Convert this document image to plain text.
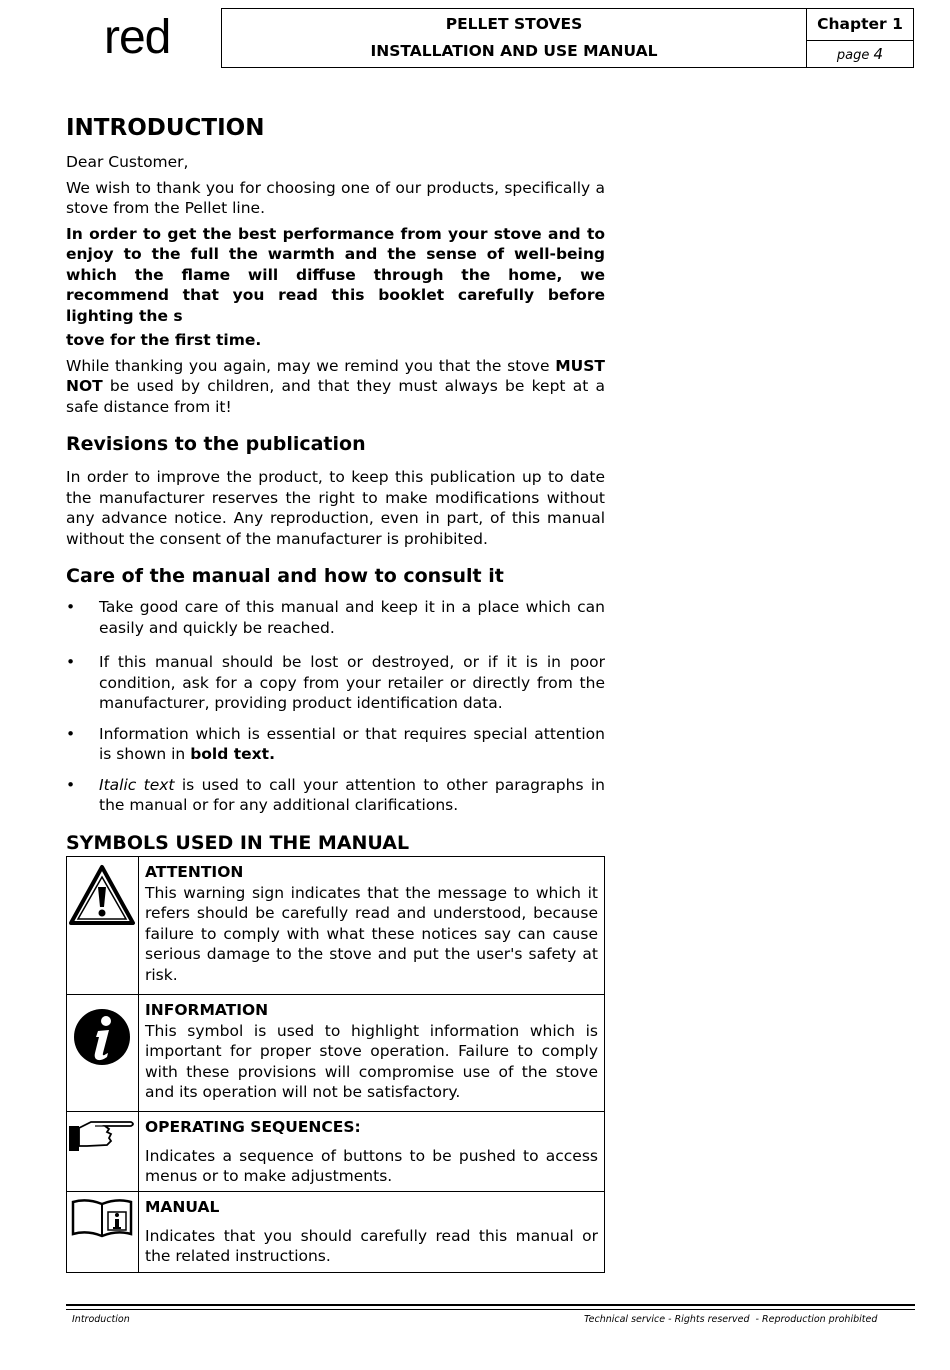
red	PELLET STOVES
INSTALLATION AND USE MANUAL
Chapter 1
page 4
INTRODUCTION

Dear Customer,

We wish to thank you for choosing one of our products, specifically a stove from the Pellet line.

In order to get the best performance from your stove and to enjoy to the full the warmth and the sense of well-being which the flame will diffuse through the home, we recommend that you read this booklet carefully before lighting the s

tove for the first time.

While thanking you again, may we remind you that the stove MUST NOT be used by children, and that they must always be kept at a safe distance from it!

Revisions to the publication

In order to improve the product, to keep this publication up to date the manufacturer reserves the right to make modifications without any advance notice. Any reproduction, even in part, of this manual without the consent of the manufacturer is prohibited.

Care of the manual and how to consult it
• Take good care of this manual and keep it in a place which can easily and quickly be reached.
• If this manual should be lost or destroyed, or if it is in poor condition, ask for a copy from your retailer or directly from the manufacturer, providing product identification data.
• Information which is essential or that requires special attention is shown in bold text.
• Italic text is used to call your attention to other paragraphs in the manual or for any additional clarifications.
SYMBOLS USED IN THE MANUAL

ATTENTION
This warning sign indicates that the message to which it refers should be carefully read and understood, because failure to comply with what these notices say can cause serious damage to the stove and put the user's safety at risk.

INFORMATION
This symbol is used to highlight information which is important for proper stove operation. Failure to comply with these provisions will compromise use of the stove and its operation will not be satisfactory.

OPERATING SEQUENCES:
Indicates a sequence of buttons to be pushed to access menus or to make adjustments.

MANUAL
Indicates that you should carefully read this manual or the related instructions.
Introduction	Technical service - Rights reserved  - Reproduction prohibited
